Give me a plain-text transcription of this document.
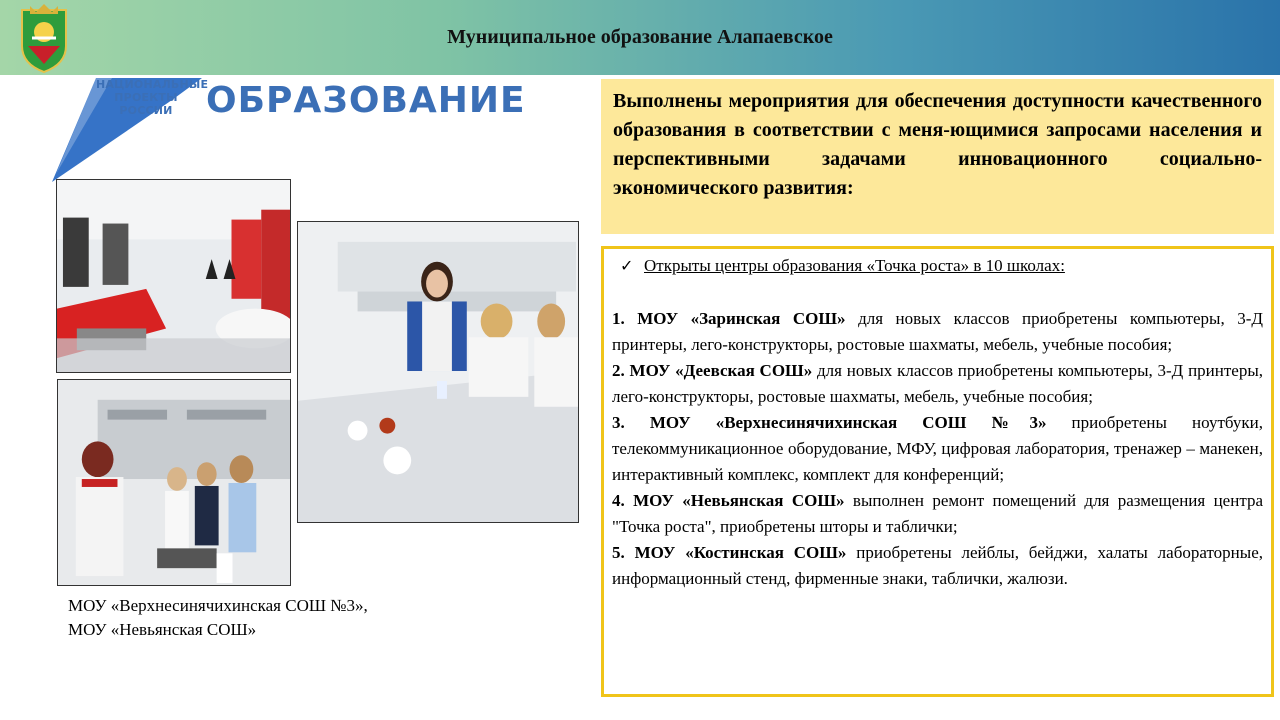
Муниципальное образование Алапаевское
НАЦИОНАЛЬНЫЕ
ПРОЕКТЫ
РОССИИ ОБРАЗОВАНИЕ
МОУ «Верхнесинячихинская СОШ №3»,
МОУ «Невьянская СОШ»
Выполнены мероприятия для обеспечения доступности качественного образования в соответствии с меня-ющимися запросами населения и перспективными задачами инновационного социально-экономического развития:
✓ Открыты центры образования «Точка роста» в 10 школах:
1. МОУ «Заринская СОШ» для новых классов приобретены компьютеры, 3-Д принтеры, лего-конструкторы, ростовые шахматы, мебель, учебные пособия;
2. МОУ «Деевская СОШ» для новых классов приобретены компьютеры, 3-Д принтеры, лего-конструкторы, ростовые шахматы, мебель, учебные пособия;
3. МОУ «Верхнесинячихинская СОШ №3» приобретены ноутбуки, телекоммуникационное оборудование, МФУ, цифровая лаборатория, тренажер – манекен, интерактивный комплекс, комплект для конференций;
4. МОУ «Невьянская СОШ» выполнен ремонт помещений для размещения центра "Точка роста", приобретены шторы и таблички;
5. МОУ «Костинская СОШ» приобретены лейблы, бейджи, халаты лабораторные, информационный стенд, фирменные знаки, таблички, жалюзи.
